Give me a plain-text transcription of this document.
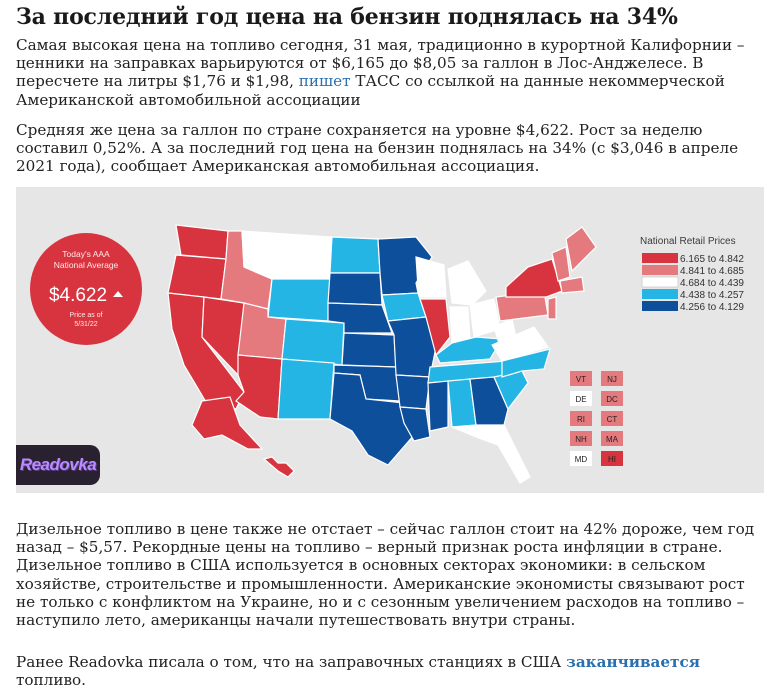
За последний год цена на бензин поднялась на 34%

Самая высокая цена на топливо сегодня, 31 мая, традиционно в курортной Калифорнии – ценники на заправках варьируются от $6,165 до $8,05 за галлон в Лос-Анджелесе. В пересчете на литры $1,76 и $1,98, пишет ТАСС со ссылкой на данные некоммерческой Американской автомобильной ассоциации

Средняя же цена за галлон по стране сохраняется на уровне $4,622. Рост за неделю составил 0,52%. А за последний год цена на бензин поднялась на 34% (с $3,046 в апреле 2021 года), сообщает Американская автомобильная ассоциация.

Today's AAA
National Average
$4.622
Price as of
5/31/22
National Retail Prices
6.165 to 4.842
4.841 to 4.685
4.684 to 4.439
4.438 to 4.257
4.256 to 4.129
VT	NJ
DE DC
RI	CT
NH MA
MD	HI
Readovka

Дизельное топливо в цене также не отстает – сейчас галлон стоит на 42% дороже, чем год назад – $5,57. Рекордные цены на топливо – верный признак роста инфляции в стране. Дизельное топливо в США используется в основных секторах экономики: в сельском хозяйстве, строительстве и промышленности. Американские экономисты связывают рост не только с конфликтом на Украине, но и с сезонным увеличением расходов на топливо – наступило лето, американцы начали путешествовать внутри страны.

Ранее Readovka писала о том, что на заправочных станциях в США заканчивается топливо.
